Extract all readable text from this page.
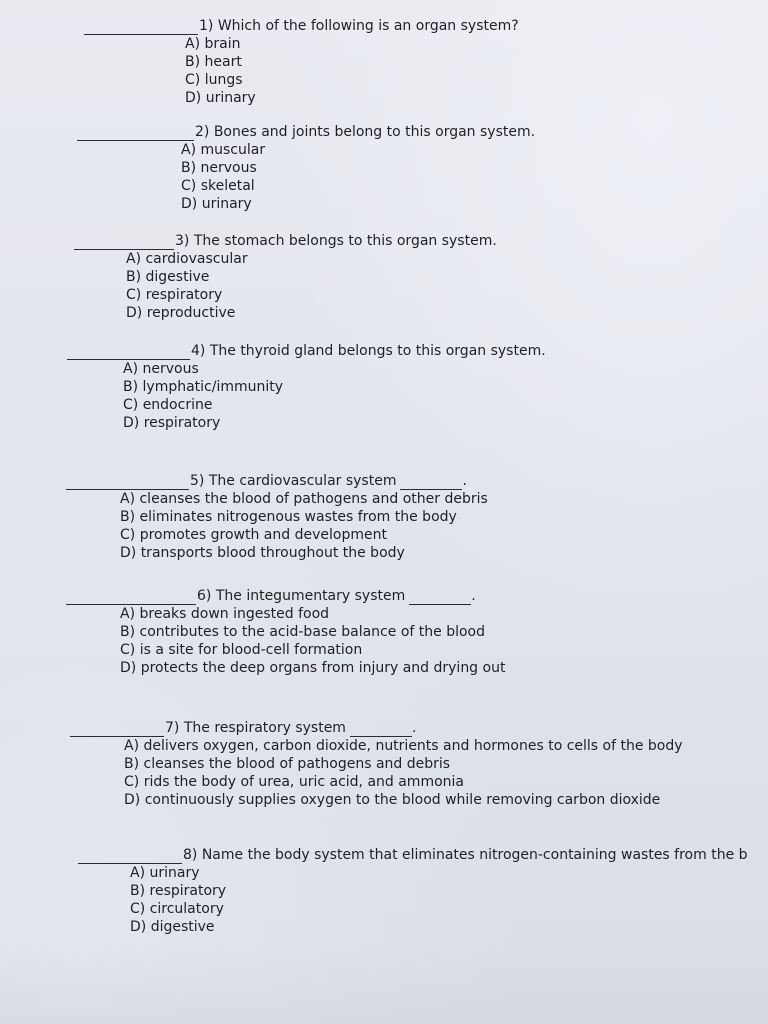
1)
Which of the following is an organ system?
A) brain
B) heart
C) lungs
D) urinary
2)
Bones and joints belong to this organ system.
A) muscular
B) nervous
C) skeletal
D) urinary
3)
The stomach belongs to this organ system.
A) cardiovascular
B) digestive
C) respiratory
D) reproductive
4)
The thyroid gland belongs to this organ system.
A) nervous
B) lymphatic/immunity
C) endocrine
D) respiratory
5)
The cardiovascular system	.
A) cleanses the blood of pathogens and other debris
B) eliminates nitrogenous wastes from the body
C) promotes growth and development
D) transports blood throughout the body
6)
The integumentary system	.
A) breaks down ingested food
B) contributes to the acid-base balance of the blood
C) is a site for blood-cell formation
D) protects the deep organs from injury and drying out
7)
The respiratory system	.
A) delivers oxygen, carbon dioxide, nutrients and hormones to cells of the body
B) cleanses the blood of pathogens and debris
C) rids the body of urea, uric acid, and ammonia
D) continuously supplies oxygen to the blood while removing carbon dioxide
8)
Name the body system that eliminates nitrogen-containing wastes from the b
A) urinary
B) respiratory
C) circulatory
D) digestive
